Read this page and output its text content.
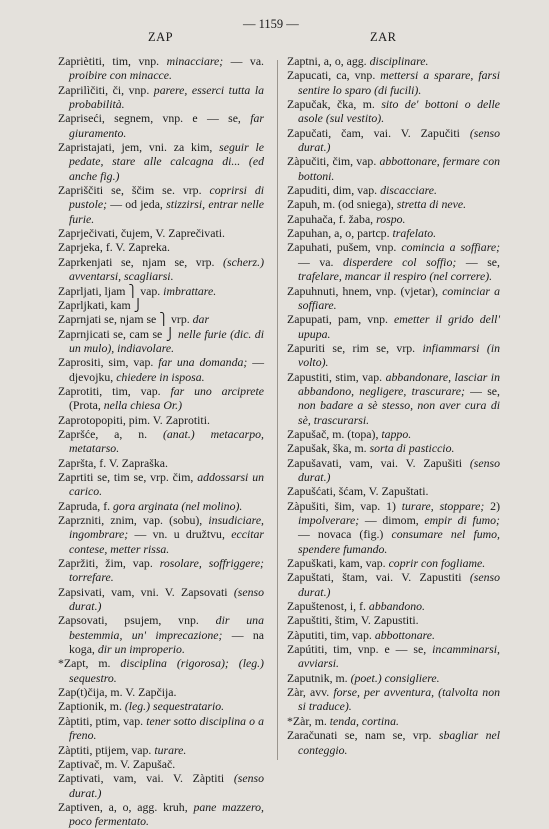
ZAP
— 1159 —
ZAR

Zapriètiti, tim, vnp. minacciare; — va. proibire con minacce.

Zaprilìčiti, či, vnp. parere, esserci tutta la probabilità.

Zapriseći, segnem, vnp. e — se, far giuramento.

Zapristajati, jem, vni. za kim, seguir le pedate, stare alle calcagna di... (ed anche fig.)

Zapriščiti se, ščim se. vrp. coprirsi di pustole; — od jeda, stizzirsi, entrar nelle furie.

Zaprječivati, čujem, V. Zaprečivati.

Zaprjeka, f. V. Zapreka.

Zaprkenjati se, njam se, vrp. (scherz.) avventarsi, scagliarsi.

Zaprljati, ljam ⎫ vap. imbrattare.

Zaprljkati, kam ⎭

Zaprnjati se, njam se ⎫ vrp. dar

Zaprnjicati se, cam se ⎭ nelle furie (dic. di un mulo), indiavolare.

Zaprositi, sim, vap. far una domanda; — djevojku, chiedere in isposa.

Zaprotiti, tim, vap. far uno arciprete (Prota, nella chiesa Or.)

Zaprotopopiti, pim. V. Zaprotiti.

Zapršće, a, n. (anat.) metacarpo, metatarso.

Zapršta, f. V. Zapraška.

Zaprtiti se, tim se, vrp. čim, addossarsi un carico.

Zapruda, f. gora arginata (nel molino).

Zaprzniti, znim, vap. (sobu), insudiciare, ingombrare; — vn. u družtvu, eccitar contese, metter rissa.

Zapržiti, žim, vap. rosolare, soffriggere; torrefare.

Zapsivati, vam, vni. V. Zapsovati (senso durat.)

Zapsovati, psujem, vnp. dir una bestemmia, un' imprecazione; — na koga, dir un improperio.

*Zapt, m. disciplina (rigorosa); (leg.) sequestro.

Zap(t)čija, m. V. Zapčija.

Zaptionik, m. (leg.) sequestratario.

Zàptiti, ptim, vap. tener sotto disciplina o a freno.

Zàptiti, ptijem, vap. turare.

Zaptivač, m. V. Zapušač.

Zaptivati, vam, vai. V. Zàptiti (senso durat.)

Zaptiven, a, o, agg. kruh, pane mazzero, poco fermentato.

Zaptni, a, o, agg. disciplinare.

Zapucati, ca, vnp. mettersi a sparare, farsi sentire lo sparo (di fucili).

Zapučak, čka, m. sito de' bottoni o delle asole (sul vestito).

Zapučati, čam, vai. V. Zapučiti (senso durat.)

Zàpučiti, čim, vap. abbottonare, fermare con bottoni.

Zapuditi, dim, vap. discacciare.

Zapuh, m. (od sniega), stretta di neve.

Zapuhača, f. žaba, rospo.

Zapuhan, a, o, partcp. trafelato.

Zapuhati, pušem, vnp. comincia a soffiare; — va. disperdere col soffio; — se, trafelare, mancar il respiro (nel correre).

Zapuhnuti, hnem, vnp. (vjetar), cominciar a soffiare.

Zapupati, pam, vnp. emetter il grido dell' upupa.

Zapuriti se, rim se, vrp. infiammarsi (in volto).

Zapustiti, stim, vap. abbandonare, lasciar in abbandono, negligere, trascurare; — se, non badare a sè stesso, non aver cura di sè, trascurarsi.

Zapušač, m. (topa), tappo.

Zapušak, ška, m. sorta di pasticcio.

Zapušavati, vam, vai. V. Zapušiti (senso durat.)

Zapušćati, šćam, V. Zapuštati.

Zàpušiti, šim, vap. 1) turare, stoppare; 2) impolverare; — dimom, empir di fumo; — novaca (fig.) consumare nel fumo, spendere fumando.

Zapuškati, kam, vap. coprir con fogliame.

Zapuštati, štam, vai. V. Zapustiti (senso durat.)

Zapuštenost, i, f. abbandono.

Zapuštiti, štim, V. Zapustiti.

Zàputiti, tim, vap. abbottonare.

Zapútiti, tim, vnp. e — se, incamminarsi, avviarsi.

Zaputnik, m. (poet.) consigliere.

Zàr, avv. forse, per avventura, (talvolta non si traduce).

*Zàr, m. tenda, cortina.

Zaračunati se, nam se, vrp. sbagliar nel conteggio.
